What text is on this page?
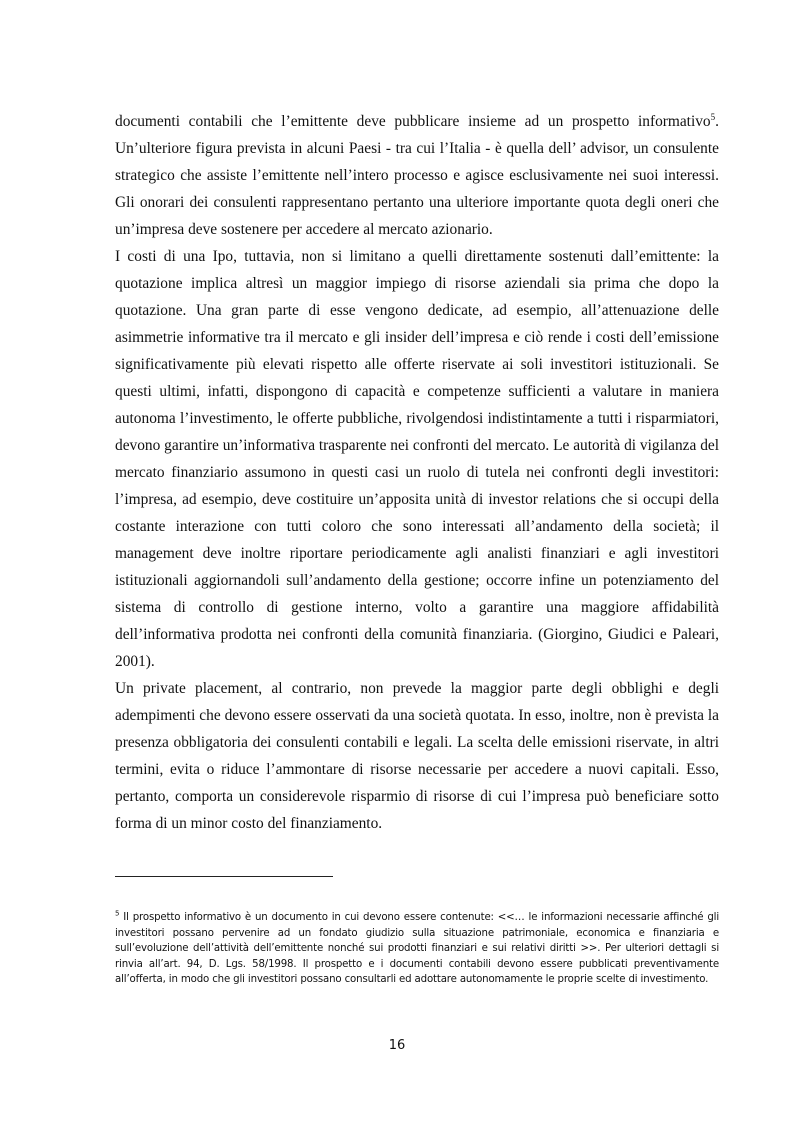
documenti contabili che l’emittente deve pubblicare insieme ad un prospetto informativo$^5$. Un’ulteriore figura prevista in alcuni Paesi - tra cui l’Italia - è quella dell’ advisor, un consulente strategico che assiste l’emittente nell’intero processo e agisce esclusivamente nei suoi interessi. Gli onorari dei consulenti rappresentano pertanto una ulteriore importante quota degli oneri che un’impresa deve sostenere per accedere al mercato azionario.

I costi di una Ipo, tuttavia, non si limitano a quelli direttamente sostenuti dall’emittente: la quotazione implica altresì un maggior impiego di risorse aziendali sia prima che dopo la quotazione. Una gran parte di esse vengono dedicate, ad esempio, all’attenuazione delle asimmetrie informative tra il mercato e gli insider dell’impresa e ciò rende i costi dell’emissione significativamente più elevati rispetto alle offerte riservate ai soli investitori istituzionali. Se questi ultimi, infatti, dispongono di capacità e competenze sufficienti a valutare in maniera autonoma l’investimento, le offerte pubbliche, rivolgendosi indistintamente a tutti i risparmiatori, devono garantire un’informativa trasparente nei confronti del mercato. Le autorità di vigilanza del mercato finanziario assumono in questi casi un ruolo di tutela nei confronti degli investitori: l’impresa, ad esempio, deve costituire un’apposita unità di investor relations che si occupi della costante interazione con tutti coloro che sono interessati all’andamento della società; il management deve inoltre riportare periodicamente agli analisti finanziari e agli investitori istituzionali aggiornandoli sull’andamento della gestione; occorre infine un potenziamento del sistema di controllo di gestione interno, volto a garantire una maggiore affidabilità dell’informativa prodotta nei confronti della comunità finanziaria. (Giorgino, Giudici e Paleari, 2001).

Un private placement, al contrario, non prevede la maggior parte degli obblighi e degli adempimenti che devono essere osservati da una società quotata. In esso, inoltre, non è prevista la presenza obbligatoria dei consulenti contabili e legali. La scelta delle emissioni riservate, in altri termini, evita o riduce l’ammontare di risorse necessarie per accedere a nuovi capitali. Esso, pertanto, comporta un considerevole risparmio di risorse di cui l’impresa può beneficiare sotto forma di un minor costo del finanziamento.

$^5$ Il prospetto informativo è un documento in cui devono essere contenute: <<… le informazioni necessarie affinché gli investitori possano pervenire ad un fondato giudizio sulla situazione patrimoniale, economica e finanziaria e sull’evoluzione dell’attività dell’emittente nonché sui prodotti finanziari e sui relativi diritti >>. Per ulteriori dettagli si rinvia all’art. 94, D. Lgs. 58/1998. Il prospetto e i documenti contabili devono essere pubblicati preventivamente all’offerta, in modo che gli investitori possano consultarli ed adottare autonomamente le proprie scelte di investimento.
16
